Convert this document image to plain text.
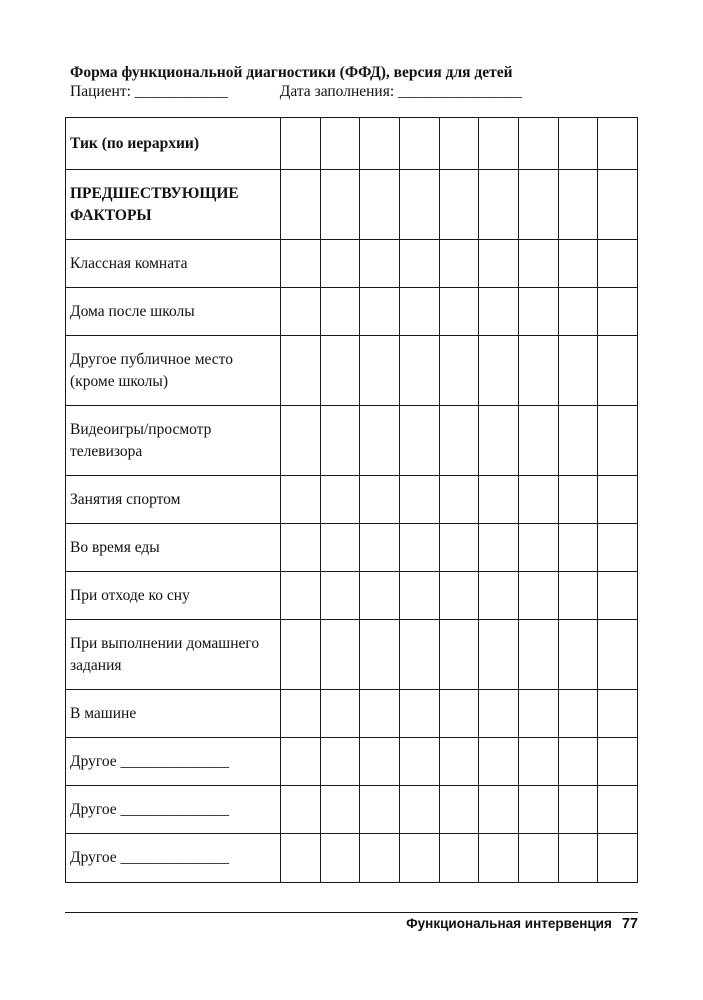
Форма функциональной диагностики (ФФД), версия для детей
Пациент: ____________	Дата заполнения: ________________
Тик (по иерархии)									
ПРЕДШЕСТВУЮЩИЕ ФАКТОРЫ									
Классная комната									
Дома после школы									
Другое публичное место (кроме школы)									
Видеоигры/просмотр телевизора									
Занятия спортом									
Во время еды									
При отходе ко сну									
При выполнении домашнего задания									
В машине									
Другое ______________									
Другое ______________									
Другое ______________									
Функциональная интервенция 77
